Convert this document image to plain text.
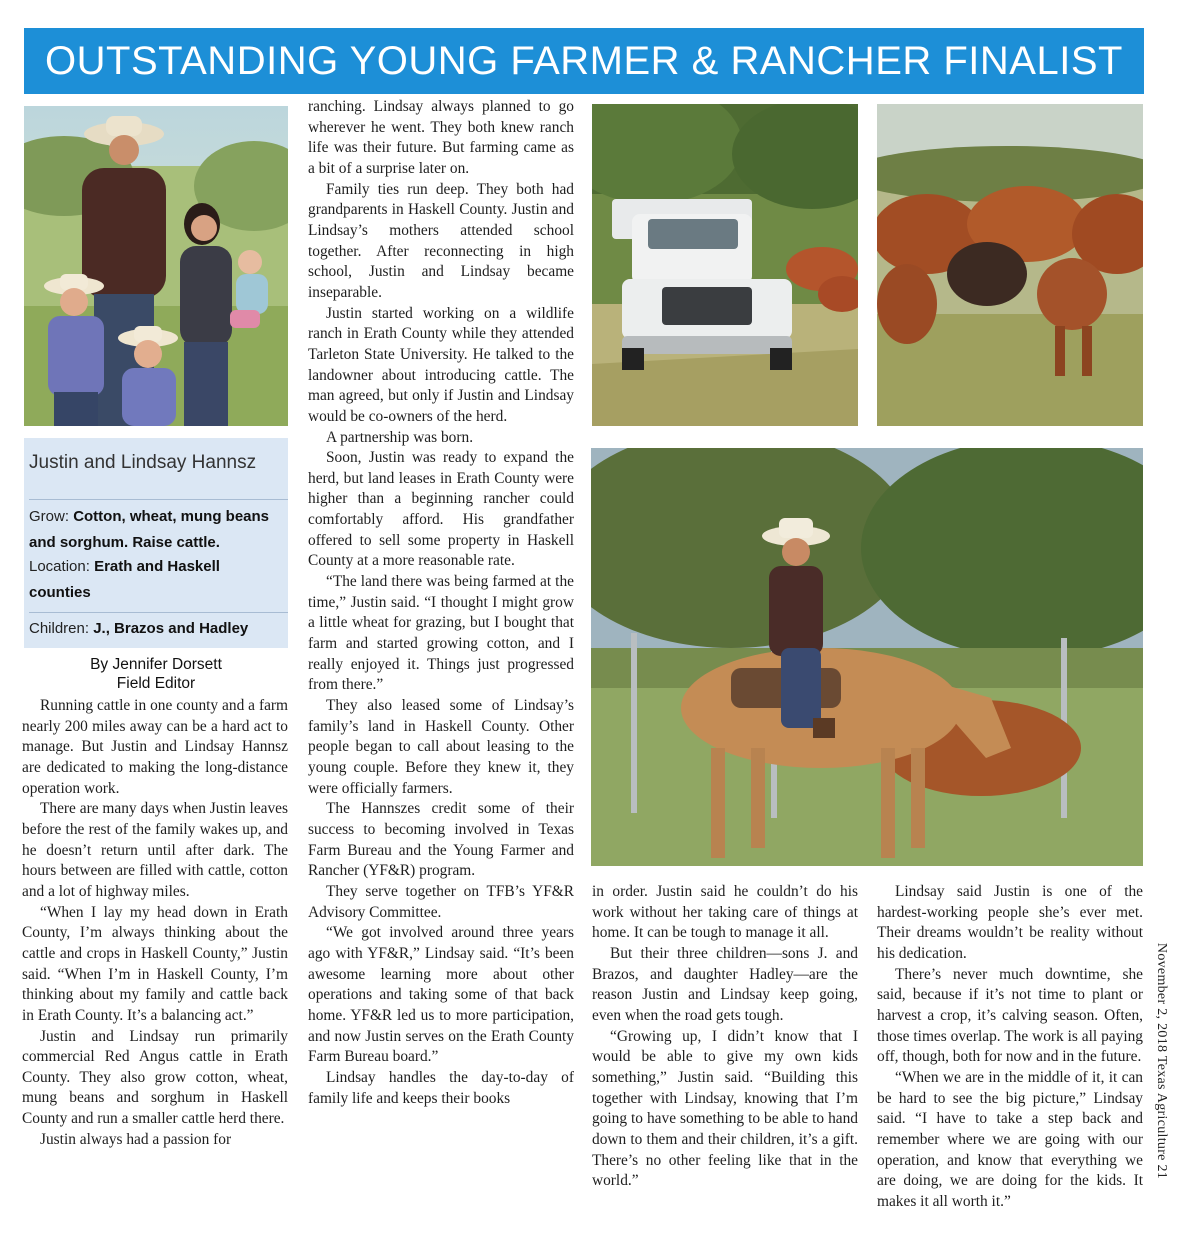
OUTSTANDING YOUNG FARMER & RANCHER FINALIST
Justin and Lindsay Hannsz
Grow: Cotton, wheat, mung beans
and sorghum. Raise cattle.
Location: Erath and Haskell
counties
Children: J., Brazos and Hadley
By Jennifer Dorsett
Field Editor

Running cattle in one county and a farm nearly 200 miles away can be a hard act to manage. But Justin and Lindsay Hannsz are dedicated to making the long-distance operation work.

There are many days when Justin leaves before the rest of the family wakes up, and he doesn’t return until after dark. The hours between are filled with cattle, cotton and a lot of highway miles.

“When I lay my head down in Erath County, I’m always thinking about the cattle and crops in Haskell County,” Justin said. “When I’m in Haskell County, I’m thinking about my family and cattle back in Erath County. It’s a balancing act.”

Justin and Lindsay run primarily commercial Red Angus cattle in Erath County. They also grow cotton, wheat, mung beans and sorghum in Haskell County and run a smaller cattle herd there.

Justin always had a passion for

ranching. Lindsay always planned to go wherever he went. They both knew ranch life was their future. But farming came as a bit of a surprise later on.

Family ties run deep. They both had grandparents in Haskell County. Justin and Lindsay’s mothers attended school together. After reconnecting in high school, Justin and Lindsay became inseparable.

Justin started working on a wildlife ranch in Erath County while they attended Tarleton State University. He talked to the landowner about introducing cattle. The man agreed, but only if Justin and Lindsay would be co-owners of the herd.

A partnership was born.

Soon, Justin was ready to expand the herd, but land leases in Erath County were higher than a beginning rancher could comfortably afford. His grandfather offered to sell some property in Haskell County at a more reasonable rate.

“The land there was being farmed at the time,” Justin said. “I thought I might grow a little wheat for grazing, but I bought that farm and started growing cotton, and I really enjoyed it. Things just progressed from there.”

They also leased some of Lindsay’s family’s land in Haskell County. Other people began to call about leasing to the young couple. Before they knew it, they were officially farmers.

The Hannszes credit some of their success to becoming involved in Texas Farm Bureau and the Young Farmer and Rancher (YF&R) program.

They serve together on TFB’s YF&R Advisory Committee.

“We got involved around three years ago with YF&R,” Lindsay said. “It’s been awesome learning more about other operations and taking some of that back home. YF&R led us to more participation, and now Justin serves on the Erath County Farm Bureau board.”

Lindsay handles the day-to-day of family life and keeps their books

in order. Justin said he couldn’t do his work without her taking care of things at home. It can be tough to manage it all.

But their three children—sons J. and Brazos, and daughter Hadley—are the reason Justin and Lindsay keep going, even when the road gets tough.

“Growing up, I didn’t know that I would be able to give my own kids something,” Justin said. “Building this together with Lindsay, knowing that I’m going to have something to be able to hand down to them and their children, it’s a gift. There’s no other feeling like that in the world.”

Lindsay said Justin is one of the hardest-working people she’s ever met. Their dreams wouldn’t be reality without his dedication.

There’s never much downtime, she said, because if it’s not time to plant or harvest a crop, it’s calving season. Often, those times overlap. The work is all paying off, though, both for now and in the future.

“When we are in the middle of it, it can be hard to see the big picture,” Lindsay said. “I have to take a step back and remember where we are going with our operation, and know that everything we are doing, we are doing for the kids. It makes it all worth it.”

November 2, 2018 Texas Agriculture 21
